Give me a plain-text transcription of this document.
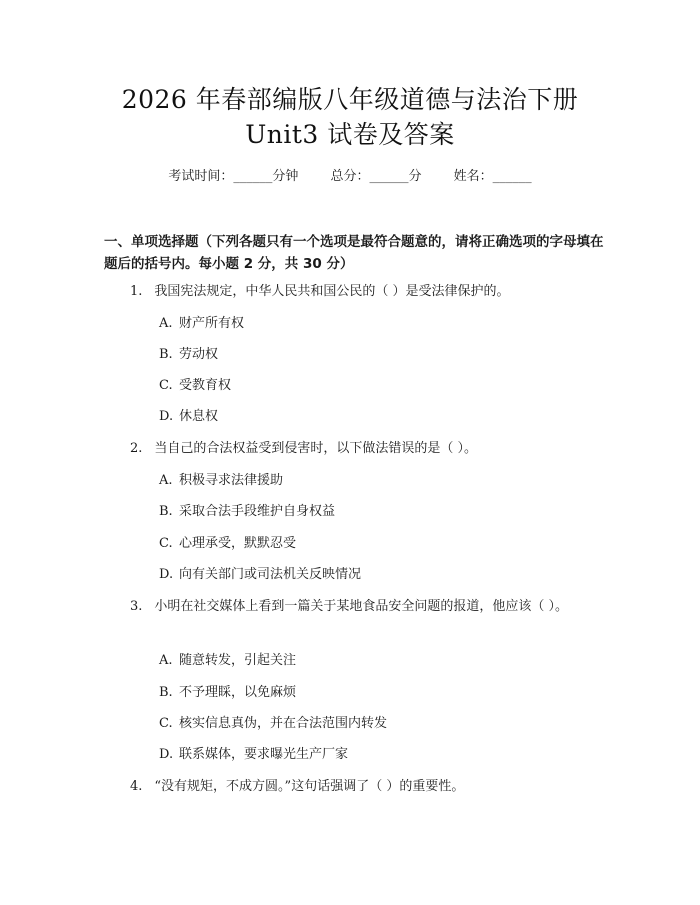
2026 年春部编版八年级道德与法治下册
Unit3 试卷及答案
考试时间：______分钟 总分：______分 姓名：______
一、单项选择题（下列各题只有一个选项是最符合题意的，请将正确选项的字母填在题后的括号内。每小题 2 分，共 30 分）
1. 我国宪法规定，中华人民共和国公民的（ ）是受法律保护的。
A. 财产所有权
B. 劳动权
C. 受教育权
D. 休息权
2. 当自己的合法权益受到侵害时，以下做法错误的是（ ）。
A. 积极寻求法律援助
B. 采取合法手段维护自身权益
C. 心理承受，默默忍受
D. 向有关部门或司法机关反映情况
3. 小明在社交媒体上看到一篇关于某地食品安全问题的报道，他应该（ ）。
A. 随意转发，引起关注
B. 不予理睬，以免麻烦
C. 核实信息真伪，并在合法范围内转发
D. 联系媒体，要求曝光生产厂家
4. “没有规矩，不成方圆。”这句话强调了（ ）的重要性。
